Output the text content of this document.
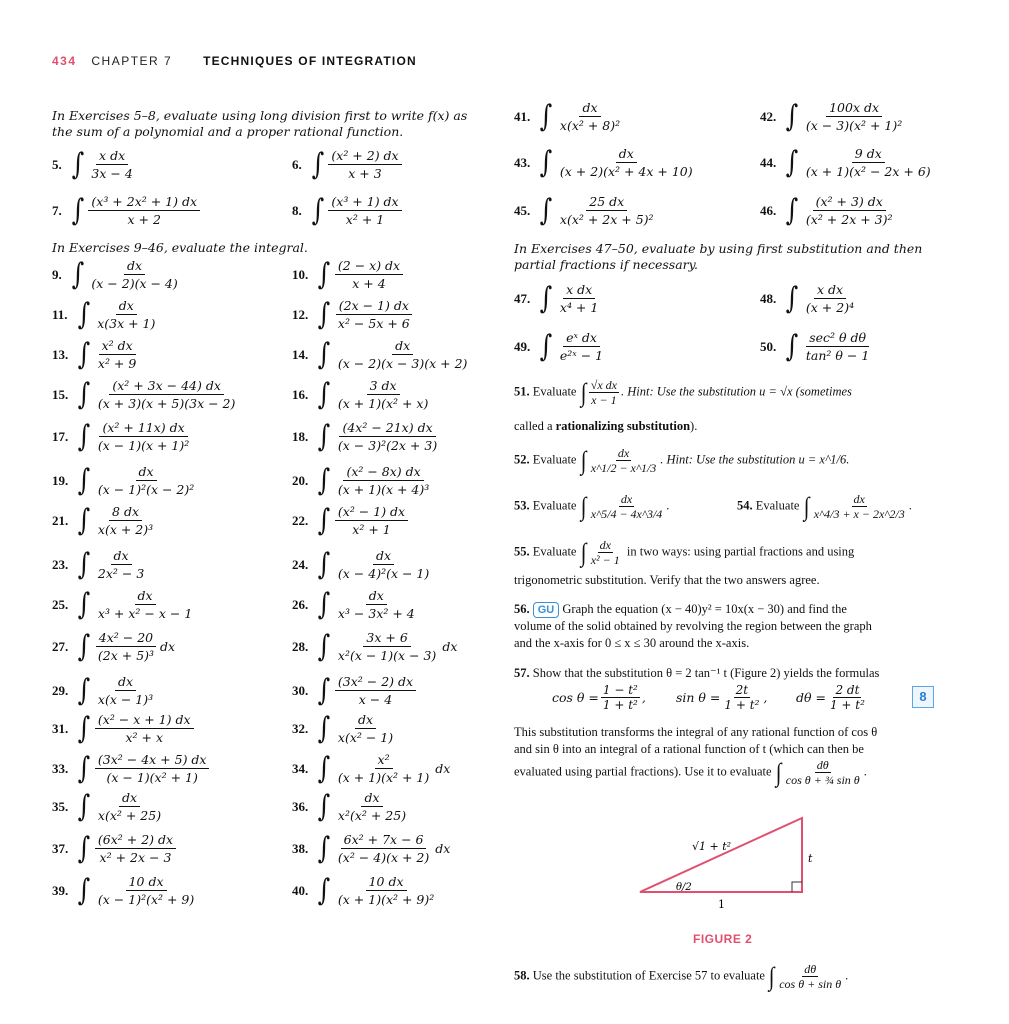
434 CHAPTER 7	TECHNIQUES OF INTEGRATION
In Exercises 5–8, evaluate using long division first to write f(x) as the sum of a polynomial and a proper rational function.
In Exercises 9–46, evaluate the integral.	In Exercises 47–50, evaluate by using first substitution and then partial fractions if necessary.
5. ∫ $\frac{\text{x dx}}{3x - 4}$	6. ∫ $\frac{\text{(x² + 2) dx}}{x + 3}$
7. ∫ $\frac{\text{(x³ + 2x² + 1) dx}}{x + 2}$	8. ∫ $\frac{\text{(x³ + 1) dx}}{\text{x² + 1}}$
9. ∫ $\frac{dx}{(x - 2)(x - 4)}$	10. ∫ $\frac{(2 - x) dx}{x + 4}$
11. ∫ $\frac{dx}{x(3x + 1)}$	12. ∫ $\frac{(2x - 1) dx}{\text{x² − 5x + 6}}$
13. ∫ $\frac{\text{x² dx}}{\text{x² + 9}}$	14. ∫ $\frac{dx}{(x - 2)(x - 3)(x + 2)}$
15. ∫ $\frac{\text{(x² + 3x − 44) dx}}{(x + 3)(x + 5)(3x - 2)}$	16. ∫ $\frac{3 dx}{\text{(x + 1)(x² + x)}}$
17. ∫ $\frac{\text{(x² + 11x) dx}}{\text{(x − 1)(x + 1)²}}$	18. ∫ $\frac{\text{(4x² − 21x) dx}}{\text{(x − 3)²(2x + 3)}}$
19. ∫ $\frac{dx}{\text{(x − 1)²(x − 2)²}}$	20. ∫ $\frac{\text{(x² − 8x) dx}}{\text{(x + 1)(x + 4)³}}$
21. ∫ $\frac{8 dx}{\text{x(x + 2)³}}$	22. ∫ $\frac{\text{(x² − 1) dx}}{\text{x² + 1}}$
23. ∫ $\frac{dx}{\text{2x² − 3}}$	24. ∫ $\frac{dx}{\text{(x − 4)²(x − 1)}}$
25. ∫ $\frac{dx}{\text{x³ + x² − x − 1}}$	26. ∫ $\frac{dx}{\text{x³ − 3x² + 4}}$
27. ∫ $\frac{\text{4x² − 20}}{\text{(2x + 5)³}}$ dx	28. ∫ $\frac{3x + 6}{\text{x²(x − 1)(x − 3)}}$ dx
29. ∫ $\frac{dx}{\text{x(x − 1)³}}$	30. ∫ $\frac{\text{(3x² − 2) dx}}{x - 4}$
31. ∫ $\frac{\text{(x² − x + 1) dx}}{\text{x² + x}}$	32. ∫ $\frac{dx}{\text{x(x² − 1)}}$
33. ∫ $\frac{\text{(3x² − 4x + 5) dx}}{\text{(x − 1)(x² + 1)}}$	34. ∫ $\frac{\text{x²}}{\text{(x + 1)(x² + 1)}}$ dx
35. ∫ $\frac{dx}{\text{x(x² + 25)}}$	36. ∫ $\frac{dx}{\text{x²(x² + 25)}}$
37. ∫ $\frac{\text{(6x² + 2) dx}}{\text{x² + 2x − 3}}$	38. ∫ $\frac{\text{6x² + 7x − 6}}{\text{(x² − 4)(x + 2)}}$ dx
39. ∫ $\frac{10 dx}{\text{(x − 1)²(x² + 9)}}$	40. ∫ $\frac{10 dx}{\text{(x + 1)(x² + 9)²}}$
41. ∫ $\frac{dx}{\text{x(x² + 8)²}}$	42. ∫ $\frac{\text{100x dx}}{\text{(x − 3)(x² + 1)²}}$
43. ∫ $\frac{dx}{\text{(x + 2)(x² + 4x + 10)}}$	44. ∫ $\frac{9 dx}{\text{(x + 1)(x² − 2x + 6)}}$
45. ∫ $\frac{25 dx}{\text{x(x² + 2x + 5)²}}$	46. ∫ $\frac{\text{(x² + 3) dx}}{\text{(x² + 2x + 3)²}}$
47. ∫ $\frac{\text{x dx}}{\text{x⁴ + 1}}$	48. ∫ $\frac{\text{x dx}}{\text{(x + 2)⁴}}$
49. ∫ $\frac{\text{eˣ dx}}{\text{e²ˣ − 1}}$	50. ∫ $\frac{\text{sec² θ dθ}}{\text{tan² θ − 1}}$
51. Evaluate ∫ $\frac{\text{√x dx}}{x - 1}$ . Hint: Use the substitution u = √x (sometimes
called a rationalizing substitution).
52. Evaluate ∫ $\frac{dx}{x\^{}1/2 - x\^{}1/3}$ . Hint: Use the substitution u = x^1/6.
53. Evaluate ∫ $\frac{dx}{x\^{}5/4 - 4x\^{}3/4}$ .	54. Evaluate ∫ $\frac{dx}{x\^{}4/3 + x - 2x\^{}2/3}$ .
55. Evaluate ∫ $\frac{dx}{\text{x² − 1}}$ in two ways: using partial fractions and using
trigonometric substitution. Verify that the two answers agree.
56. GU Graph the equation (x − 40)y² = 10x(x − 30) and find the
volume of the solid obtained by revolving the region between the graph
and the x-axis for 0 ≤ x ≤ 30 around the x-axis.
57. Show that the substitution θ = 2 tan⁻¹ t (Figure 2) yields the formulas
$\cos \theta = \frac{\text{1 − t²}}{\text{1 + t²}}$ , $\sin \theta = \frac{2t}{\text{1 + t²}}$ , $d\theta = \frac{2 dt}{\text{1 + t²}}$	8
This substitution transforms the integral of any rational function of cos θ
and sin θ into an integral of a rational function of t (which can then be
evaluated using partial fractions). Use it to evaluate ∫ $\frac{d\theta}{\text{cos θ + ¾ sin θ}}$ .
√1 + t²
t
1
θ/2
FIGURE 2
58. Use the substitution of Exercise 57 to evaluate ∫ $\frac{d\theta}{\text{cos θ + sin θ}}$ .
